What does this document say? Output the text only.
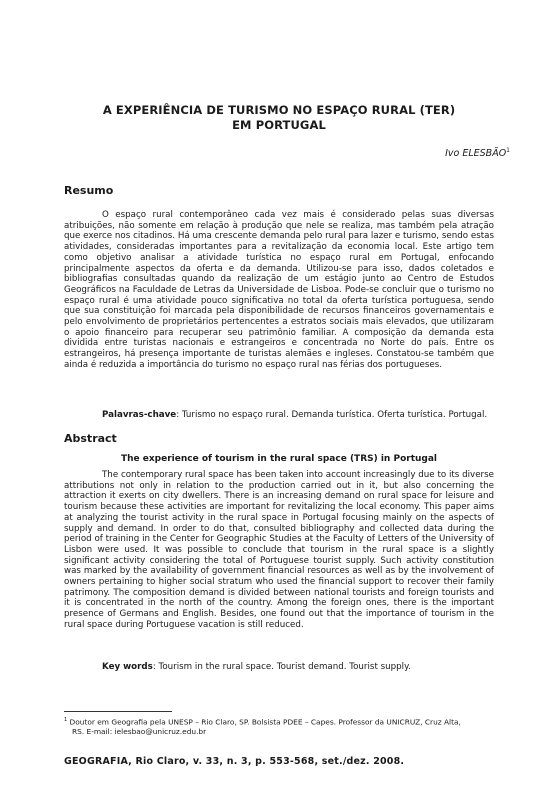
A EXPERIÊNCIA DE TURISMO NO ESPAÇO RURAL (TER)
EM PORTUGAL
Ivo ELESBÃO$^1$
Resumo

O espaço rural contemporâneo cada vez mais é considerado pelas suas diversas atribuições, não somente em relação à produção que nele se realiza, mas também pela atração que exerce nos citadinos. Há uma crescente demanda pelo rural para lazer e turismo, sendo estas atividades, consideradas importantes para a revitalização da economia local. Este artigo tem como objetivo analisar a atividade turística no espaço rural em Portugal, enfocando principalmente aspectos da oferta e da demanda. Utilizou-se para isso, dados coletados e bibliografias consultadas quando da realização de um estágio junto ao Centro de Estudos Geográficos na Faculdade de Letras da Universidade de Lisboa. Pode-se concluir que o turismo no espaço rural é uma atividade pouco significativa no total da oferta turística portuguesa, sendo que sua constituição foi marcada pela disponibilidade de recursos financeiros governamentais e pelo envolvimento de proprietários pertencentes a estratos sociais mais elevados, que utilizaram o apoio financeiro para recuperar seu patrimônio familiar. A composição da demanda esta dividida entre turistas nacionais e estrangeiros e concentrada no Norte do país. Entre os estrangeiros, há presença importante de turistas alemães e ingleses. Constatou-se também que ainda é reduzida a importância do turismo no espaço rural nas férias dos portugueses.

Palavras-chave: Turismo no espaço rural. Demanda turística. Oferta turística. Portugal.

Abstract
The experience of tourism in the rural space (TRS) in Portugal

The contemporary rural space has been taken into account increasingly due to its diverse attributions not only in relation to the production carried out in it, but also concerning the attraction it exerts on city dwellers. There is an increasing demand on rural space for leisure and tourism because these activities are important for revitalizing the local economy. This paper aims at analyzing the tourist activity in the rural space in Portugal focusing mainly on the aspects of supply and demand. In order to do that, consulted bibliography and collected data during the period of training in the Center for Geographic Studies at the Faculty of Letters of the University of Lisbon were used. It was possible to conclude that tourism in the rural space is a slightly significant activity considering the total of Portuguese tourist supply. Such activity constitution was marked by the availability of government financial resources as well as by the involvement of owners pertaining to higher social stratum who used the financial support to recover their family patrimony. The composition demand is divided between national tourists and foreign tourists and it is concentrated in the north of the country. Among the foreign ones, there is the important presence of Germans and English. Besides, one found out that the importance of tourism in the rural space during Portuguese vacation is still reduced.

Key words: Tourism in the rural space. Tourist demand. Tourist supply.

$^1$ Doutor em Geografia pela UNESP – Rio Claro, SP. Bolsista PDEE – Capes. Professor da UNICRUZ, Cruz Alta,
RS. E-mail: ielesbao@unicruz.edu.br
GEOGRAFIA, Rio Claro, v. 33, n. 3, p. 553-568, set./dez. 2008.
